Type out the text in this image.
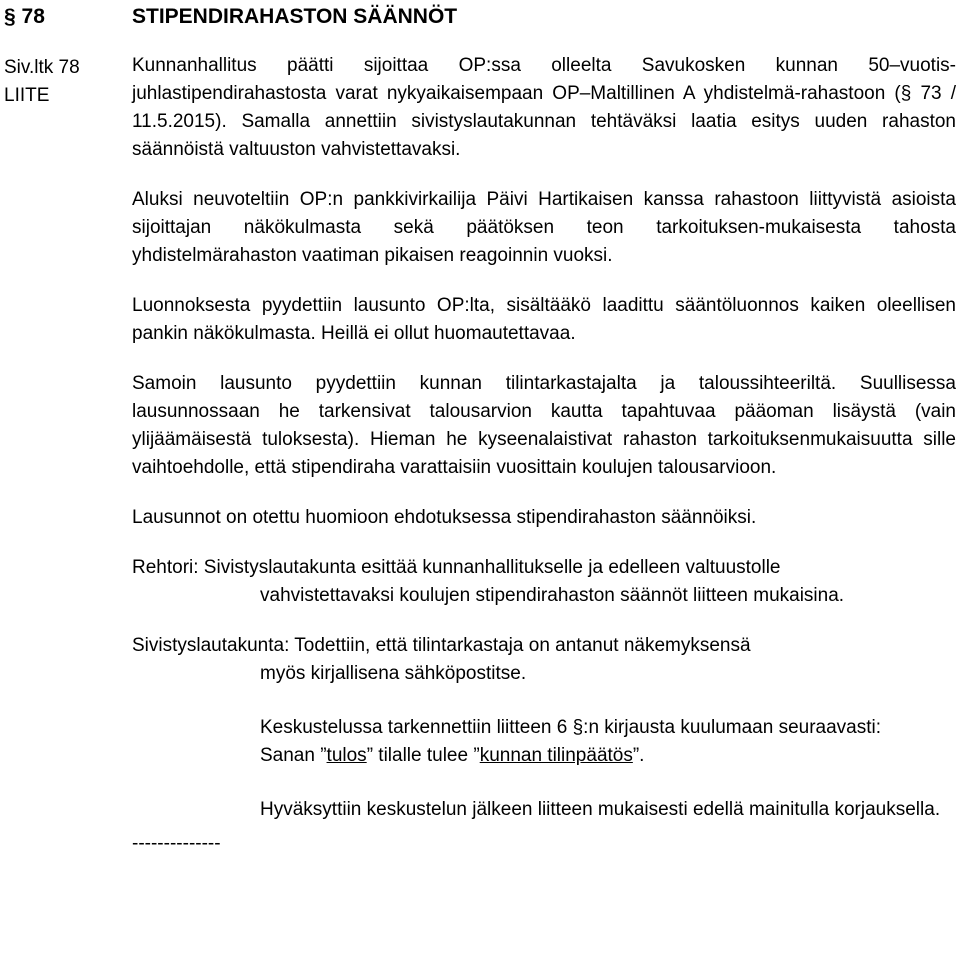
§ 78	STIPENDIRAHASTON SÄÄNNÖT
Siv.ltk 78
LIITE

Kunnanhallitus päätti sijoittaa OP:ssa olleelta Savukosken kunnan 50–vuotis-juhlastipendirahastosta varat nykyaikaisempaan OP–Maltillinen A yhdistelmä-rahastoon (§ 73 / 11.5.2015). Samalla annettiin sivistyslautakunnan tehtäväksi laatia esitys uuden rahaston säännöistä valtuuston vahvistettavaksi.

Aluksi neuvoteltiin OP:n pankkivirkailija Päivi Hartikaisen kanssa rahastoon liittyvistä asioista sijoittajan näkökulmasta sekä päätöksen teon tarkoituksen-mukaisesta tahosta yhdistelmärahaston vaatiman pikaisen reagoinnin vuoksi.

Luonnoksesta pyydettiin lausunto OP:lta, sisältääkö laadittu sääntöluonnos kaiken oleellisen pankin näkökulmasta. Heillä ei ollut huomautettavaa.

Samoin lausunto pyydettiin kunnan tilintarkastajalta ja taloussihteeriltä. Suullisessa lausunnossaan he tarkensivat talousarvion kautta tapahtuvaa pääoman lisäystä (vain ylijäämäisestä tuloksesta). Hieman he kyseenalaistivat rahaston tarkoituksenmukaisuutta sille vaihtoehdolle, että stipendiraha varattaisiin vuosittain koulujen talousarvioon.

Lausunnot on otettu huomioon ehdotuksessa stipendirahaston säännöiksi.

Rehtori: Sivistyslautakunta esittää kunnanhallitukselle ja edelleen valtuustolle
vahvistettavaksi koulujen stipendirahaston säännöt liitteen mukaisina.
Sivistyslautakunta: Todettiin, että tilintarkastaja on antanut näkemyksensä
myös kirjallisena sähköpostitse.
Keskustelussa tarkennettiin liitteen 6 §:n kirjausta kuulumaan seuraavasti:
Sanan ”tulos” tilalle tulee ”kunnan tilinpäätös”.

Hyväksyttiin keskustelun jälkeen liitteen mukaisesti edellä mainitulla korjauksella.

--------------
